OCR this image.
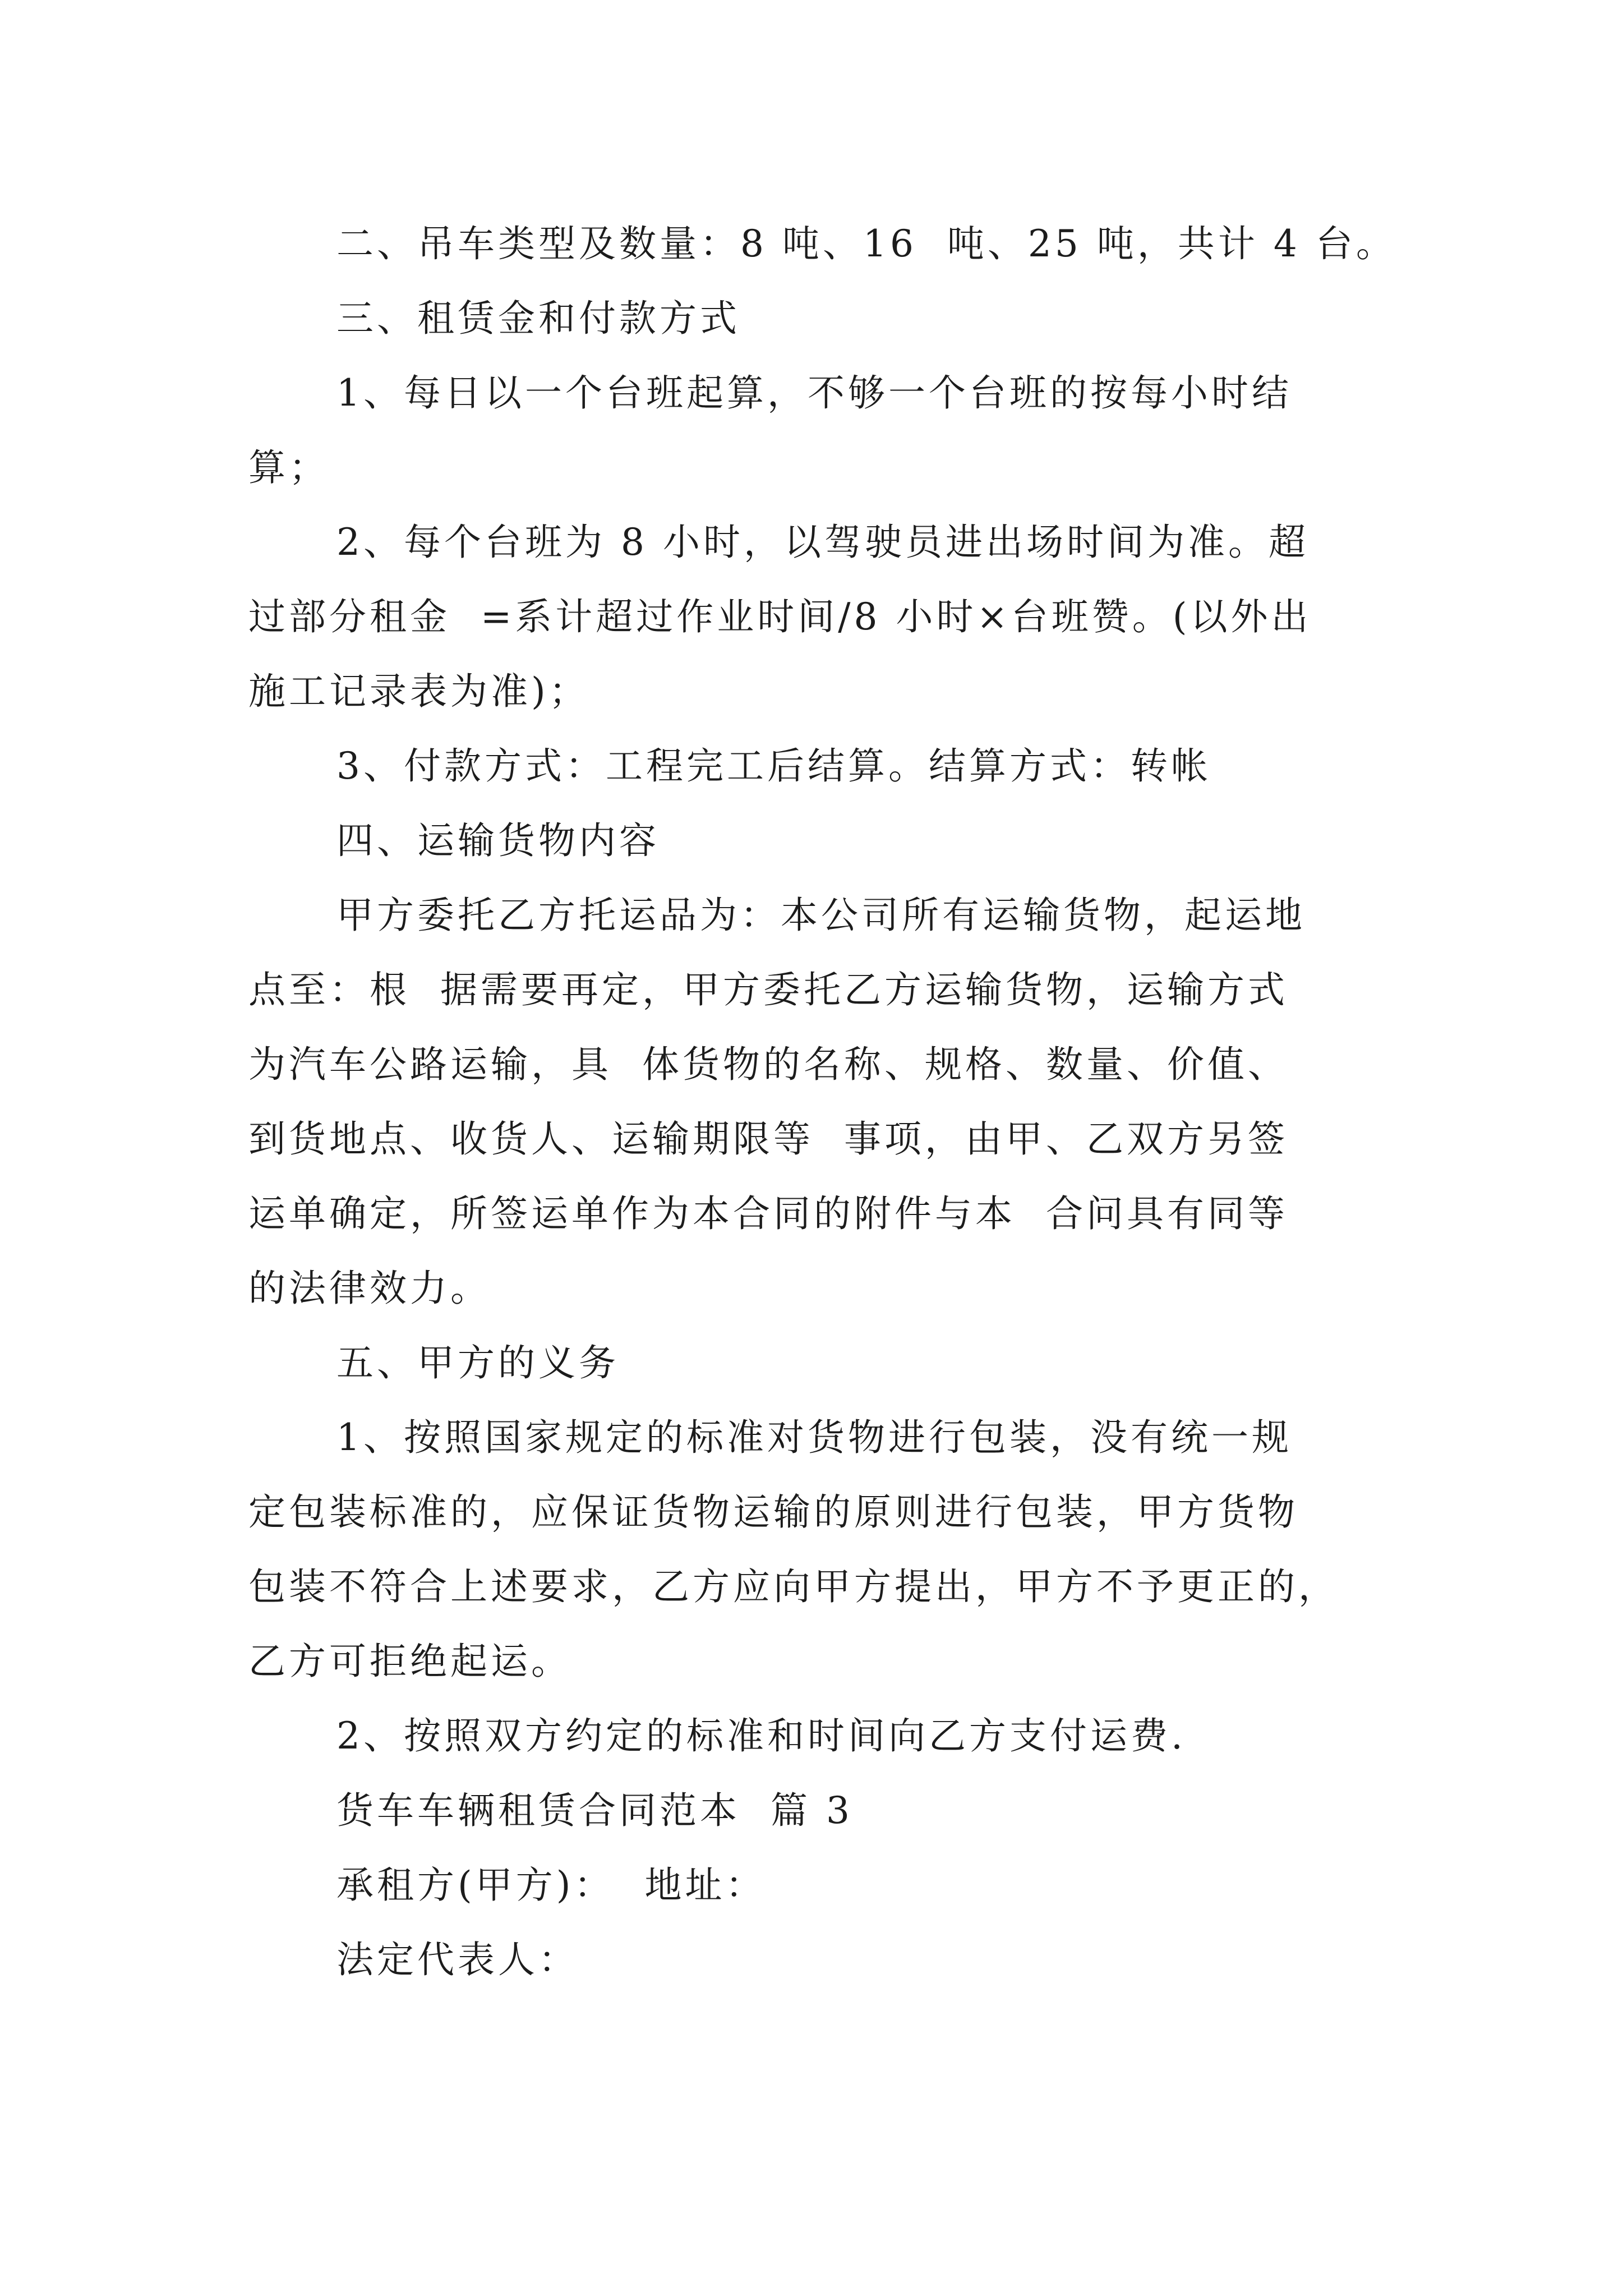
二、吊车类型及数量：8 吨、16  吨、25 吨，共计 4 台。
三、租赁金和付款方式
1、每日以一个台班起算，不够一个台班的按每小时结
算；
2、每个台班为 8 小时，以驾驶员进出场时间为准。超
过部分租金  =系计超过作业时间/8 小时×台班赞。(以外出
施工记录表为准)；
3、付款方式：工程完工后结算。结算方式：转帐
四、运输货物内容
甲方委托乙方托运品为：本公司所有运输货物，起运地
点至：根  据需要再定，甲方委托乙方运输货物，运输方式
为汽车公路运输，具  体货物的名称、规格、数量、价值、
到货地点、收货人、运输期限等  事项，由甲、乙双方另签
运单确定，所签运单作为本合同的附件与本  合问具有同等
的法律效力。
五、甲方的义务
1、按照国家规定的标准对货物进行包装，没有统一规
定包装标准的，应保证货物运输的原则进行包装，甲方货物
包装不符合上述要求，乙方应向甲方提出，甲方不予更正的，
乙方可拒绝起运。
2、按照双方约定的标准和时间向乙方支付运费.
货车车辆租赁合同范本  篇 3
承租方(甲方)：  地址：
法定代表人：
